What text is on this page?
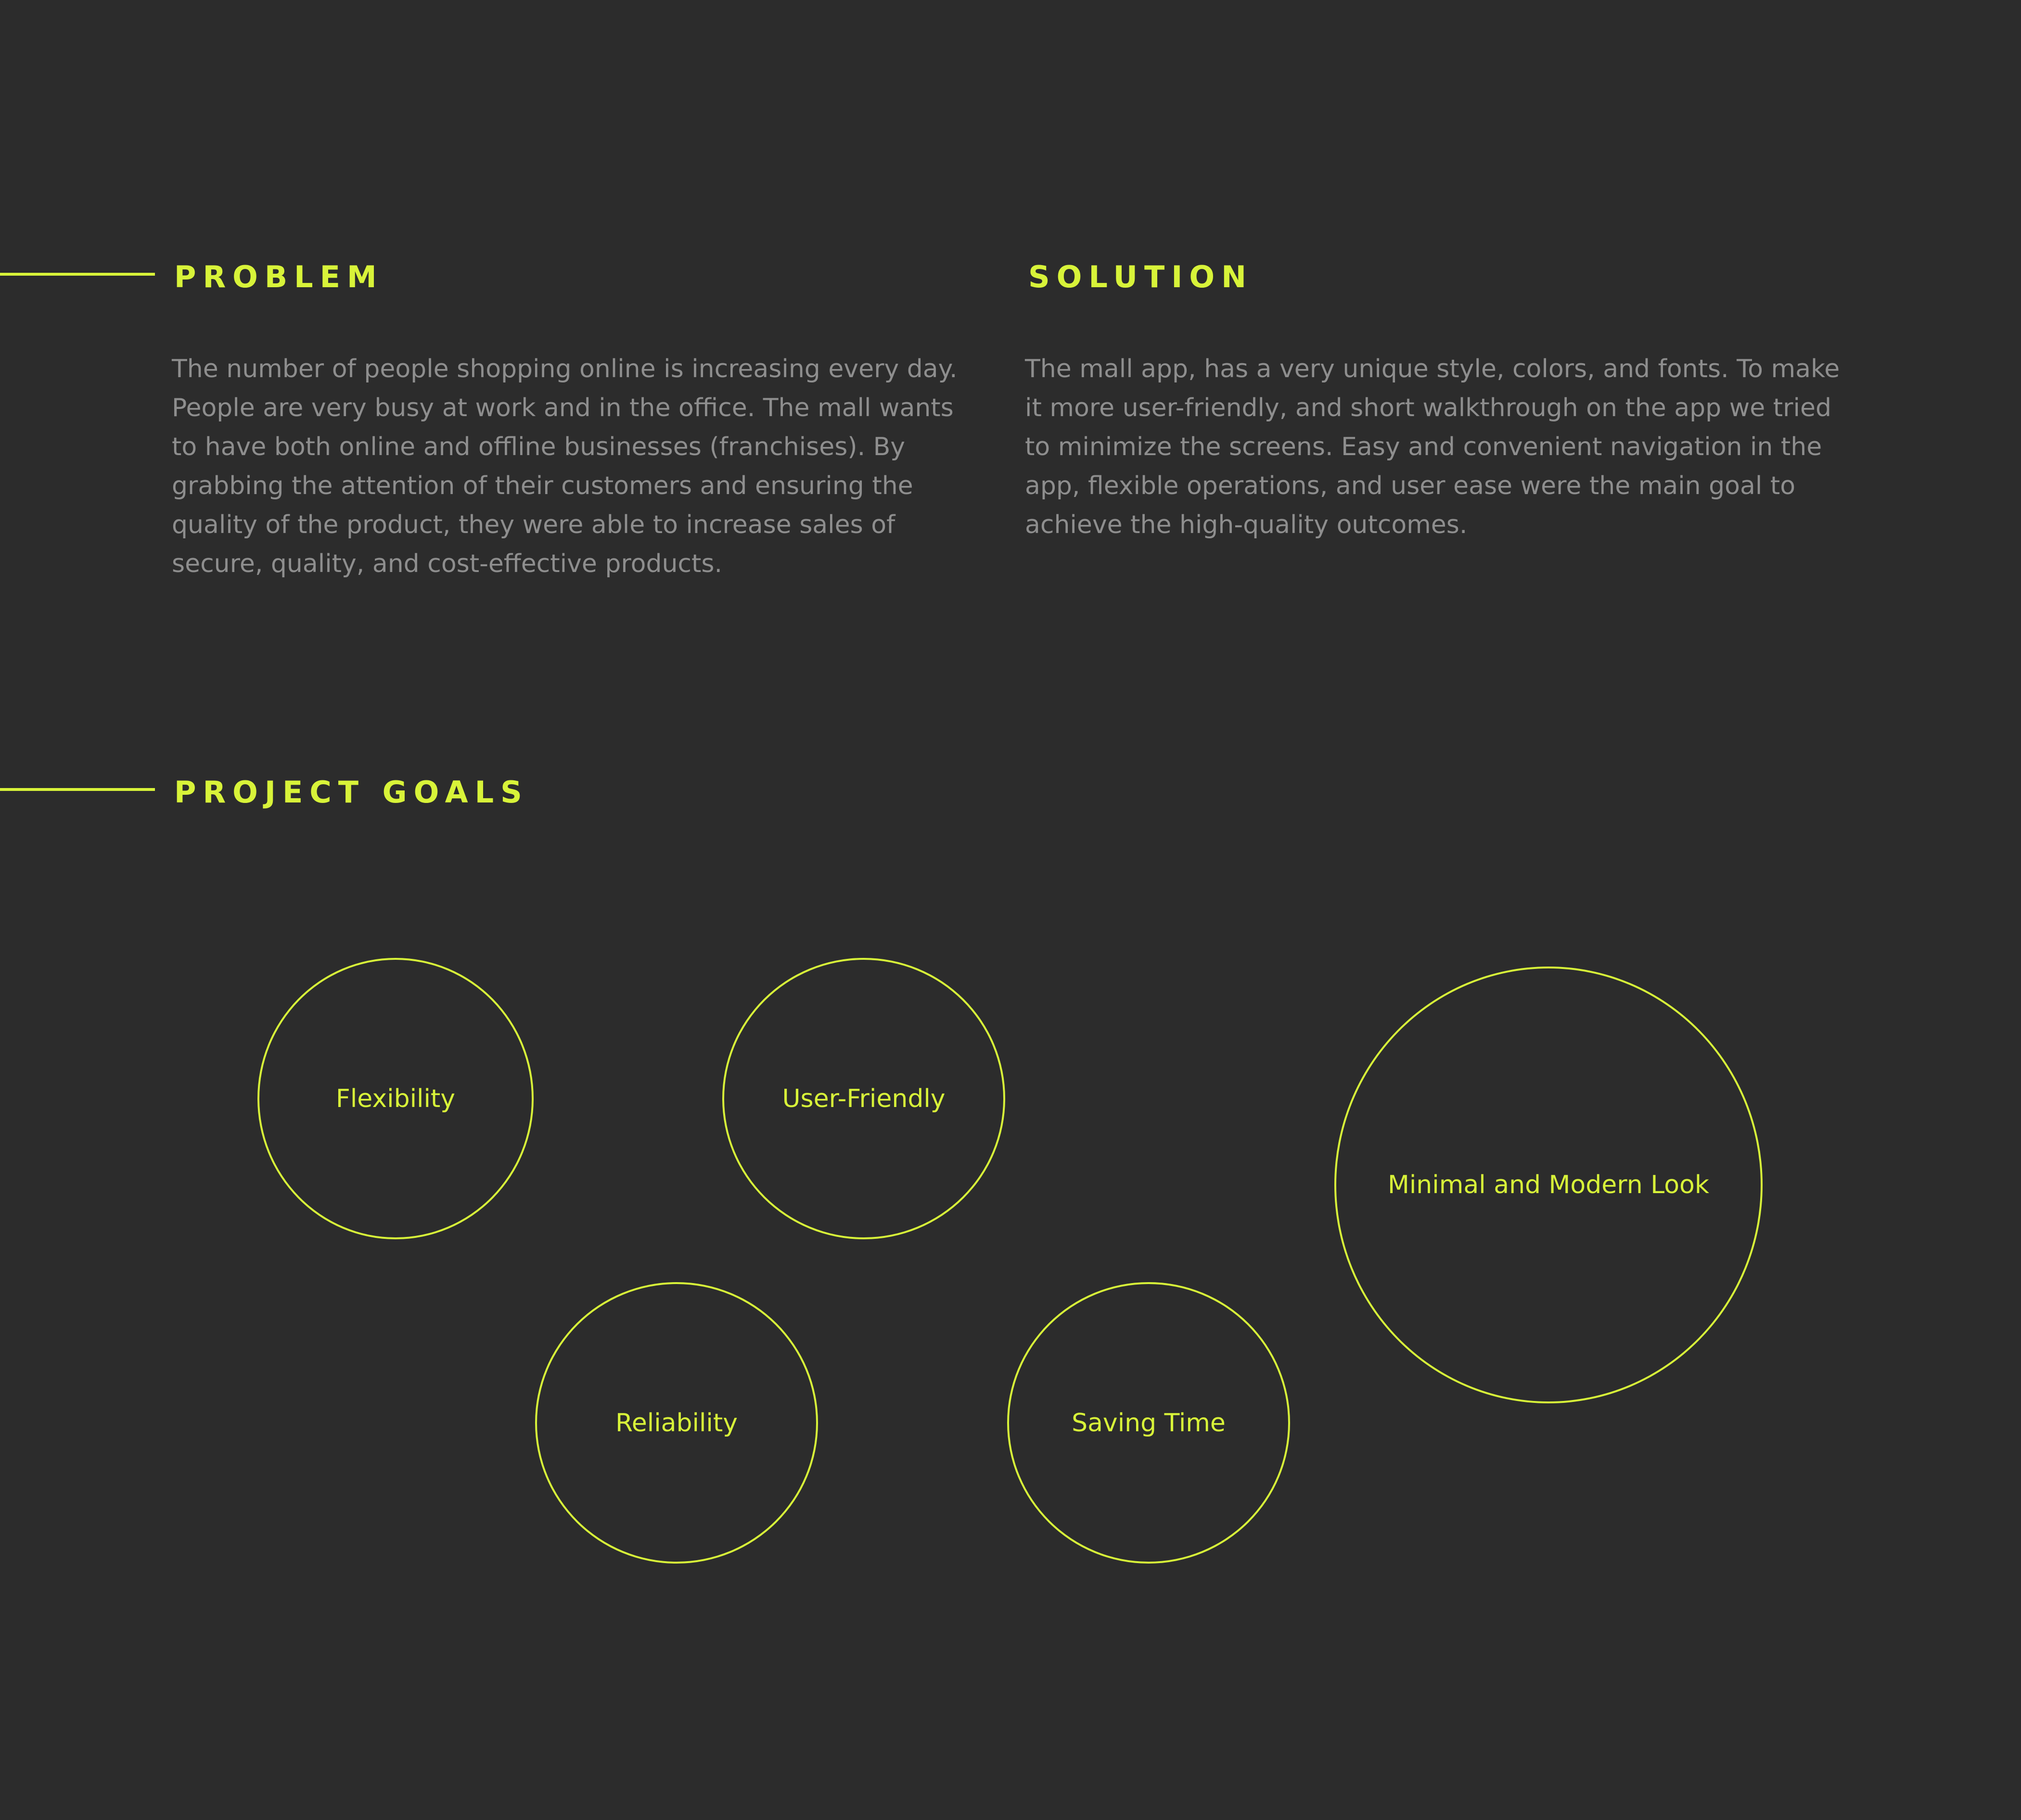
PROBLEM

The number of people shopping online is increasing every day. People are very busy at work and in the office. The mall wants to have both online and offline businesses (franchises). By grabbing the attention of their customers and ensuring the quality of the product, they were able to increase sales of secure, quality, and cost-effective products.

SOLUTION

The mall app, has a very unique style, colors, and fonts. To make it more user-friendly, and short walkthrough on the app we tried to minimize the screens. Easy and convenient navigation in the app, flexible operations, and user ease were the main goal to achieve the high-quality outcomes.

PROJECT GOALS
Flexibility	User-Friendly
Reliability	Saving Time
Minimal and Modern Look
